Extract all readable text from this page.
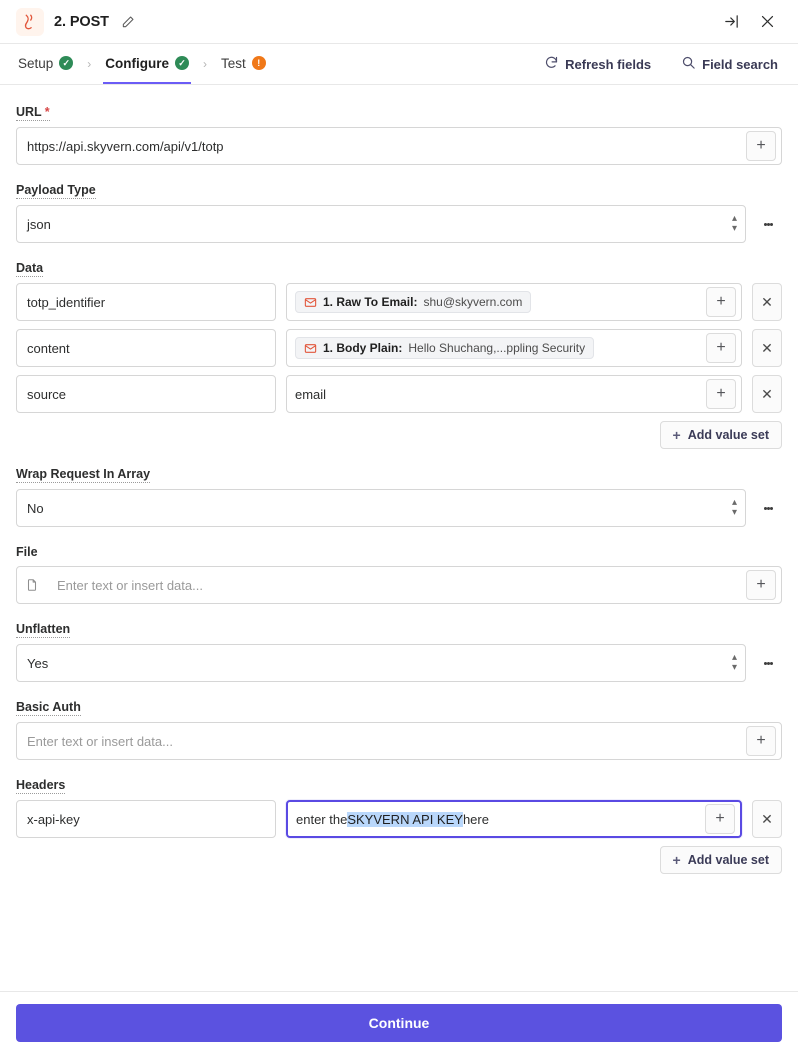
2. POST
Setup	✓	›	Configure	✓	›	Test	!	Refresh fields	Field search
URL *
https://api.skyvern.com/api/v1/totp	+
Payload Type
json	▴
▾
Data
totp_identifier	1. Raw To Email: shu@skyvern.com	+	✕
content	1. Body Plain: Hello Shuchang,...ppling Security	+	✕
source	email	+	✕
+ Add value set
Wrap Request In Array
No	▴
▾
File
Enter text or insert data...	+
Unflatten
Yes	▴
▾
Basic Auth
Enter text or insert data...	+
Headers
x-api-key	enter the SKYVERN API KEY here	+	✕
+ Add value set
Continue
